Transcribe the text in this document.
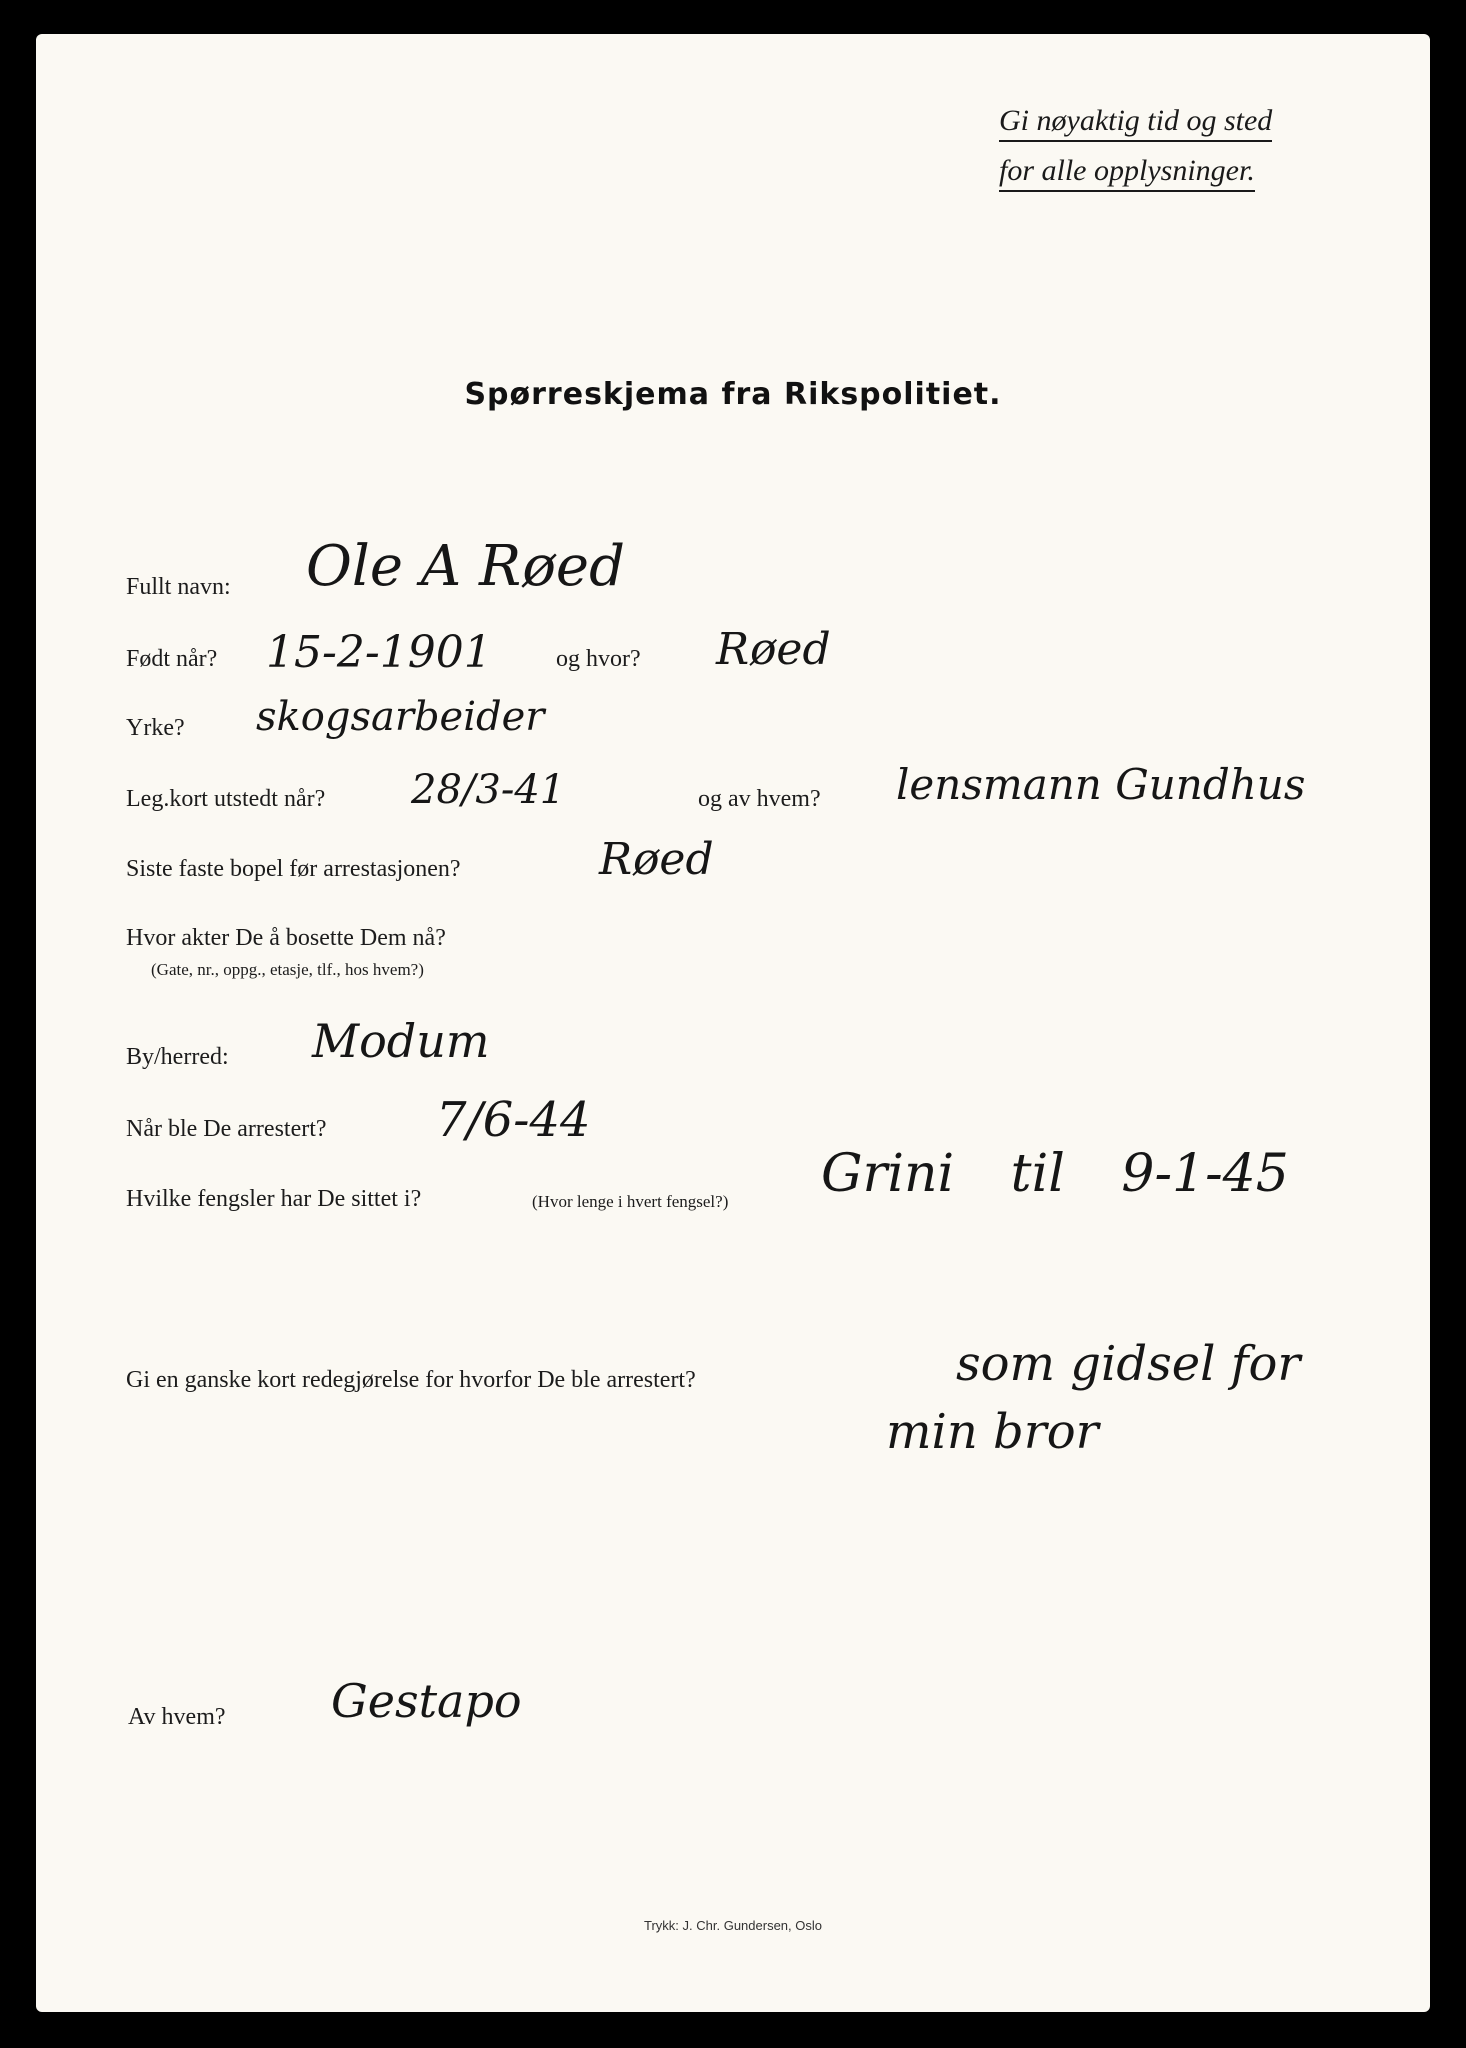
Gi nøyaktig tid og sted
for alle opplysninger.
Spørreskjema fra Rikspolitiet.
Fullt navn: Ole A Røed
Født når? 15-2-1901	og hvor? Røed
Yrke? skogsarbeider
Leg.kort utstedt når? 28/3-41	og av hvem? lensmann Gundhus
Siste faste bopel før arrestasjonen?	Røed
Hvor akter De å bosette Dem nå?
(Gate, nr., oppg., etasje, tlf., hos hvem?)
By/herred: Modum
Når ble De arrestert? 7/6-44
Hvilke fengsler har De sittet i?	(Hvor lenge i hvert fengsel?) Grini til 9-1-45
Gi en ganske kort redegjørelse for hvorfor De ble arrestert?	som gidsel for
min bror
Av hvem? Gestapo
Trykk: J. Chr. Gundersen, Oslo
